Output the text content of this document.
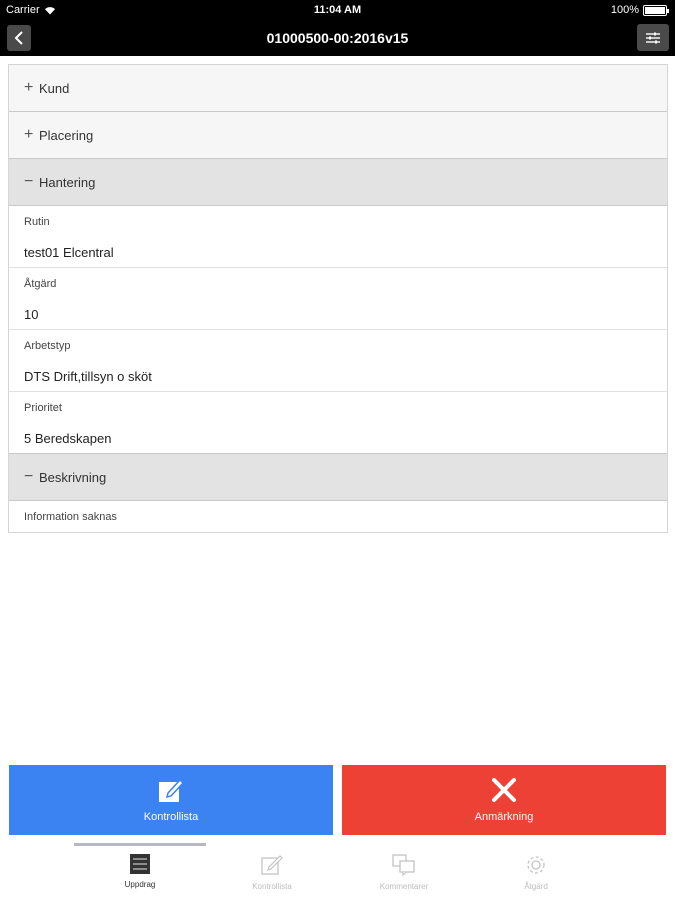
Carrier	11:04 AM	100%
01000500-00:2016v15
+ Kund
+ Placering
− Hantering
Rutin
test01 Elcentral
Åtgärd
10
Arbetstyp
DTS Drift,tillsyn o sköt
Prioritet
5 Beredskapen
− Beskrivning
Information saknas
Kontrollista	Anmärkning
Uppdrag	Kontrollista	Kommentarer	Åtgärd
